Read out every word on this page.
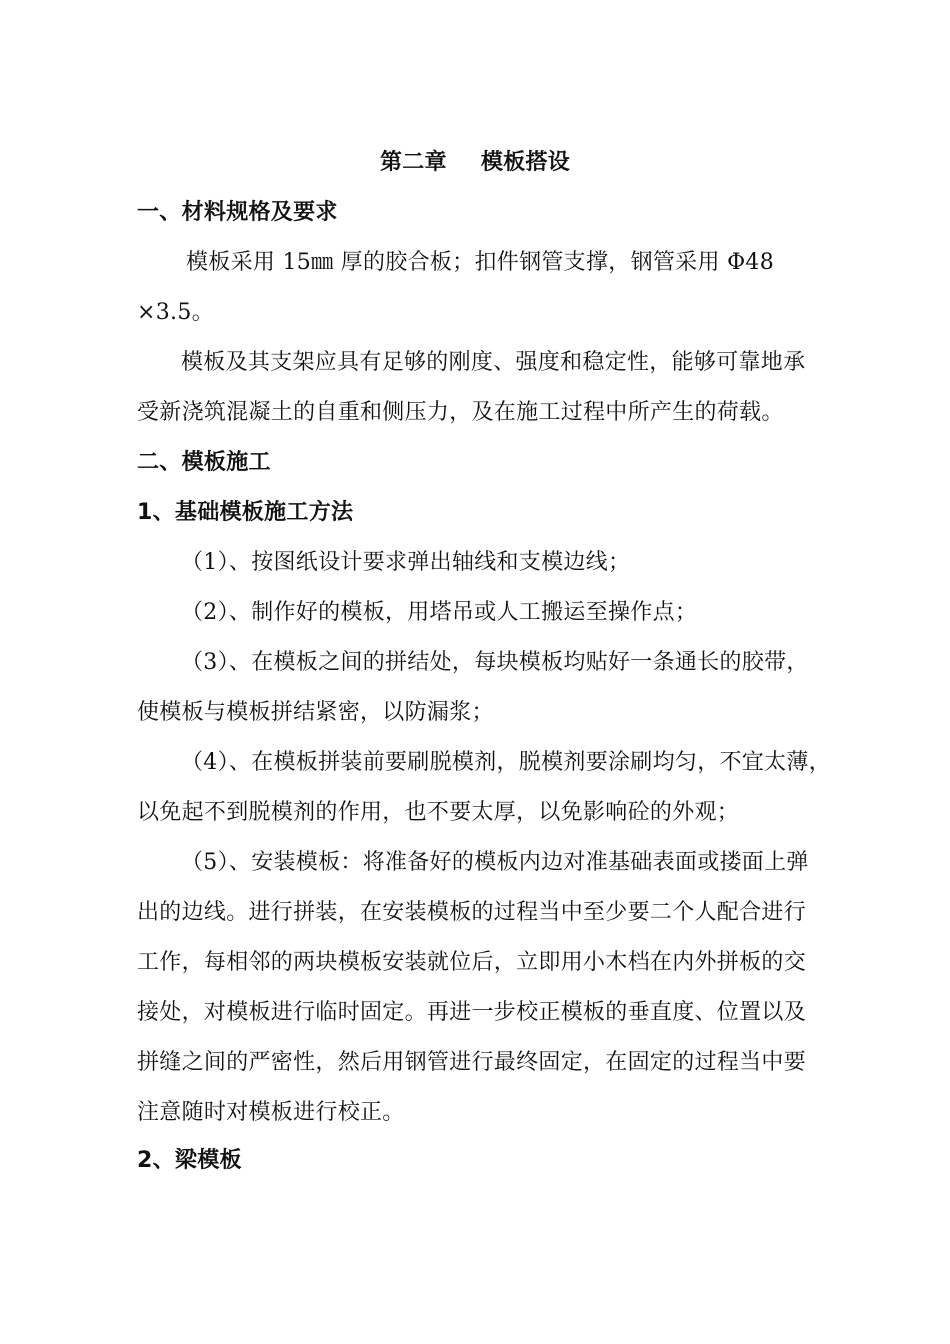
第二章 模板搭设
一、材料规格及要求
模板采用 15㎜ 厚的胶合板；扣件钢管支撑，钢管采用 Φ48
×3.5。
模板及其支架应具有足够的刚度、强度和稳定性，能够可靠地承
受新浇筑混凝土的自重和侧压力，及在施工过程中所产生的荷载。
二、模板施工
1、基础模板施工方法
（1）、按图纸设计要求弹出轴线和支模边线；
（2）、制作好的模板，用塔吊或人工搬运至操作点；
（3）、在模板之间的拼结处，每块模板均贴好一条通长的胶带，
使模板与模板拼结紧密，以防漏浆；
（4）、在模板拼装前要刷脱模剂，脱模剂要涂刷均匀，不宜太薄，
以免起不到脱模剂的作用，也不要太厚，以免影响砼的外观；
（5）、安装模板：将准备好的模板内边对准基础表面或搂面上弹
出的边线。进行拼装，在安装模板的过程当中至少要二个人配合进行
工作，每相邻的两块模板安装就位后，立即用小木档在内外拼板的交
接处，对模板进行临时固定。再进一步校正模板的垂直度、位置以及
拼缝之间的严密性，然后用钢管进行最终固定，在固定的过程当中要
注意随时对模板进行校正。
2、梁模板
